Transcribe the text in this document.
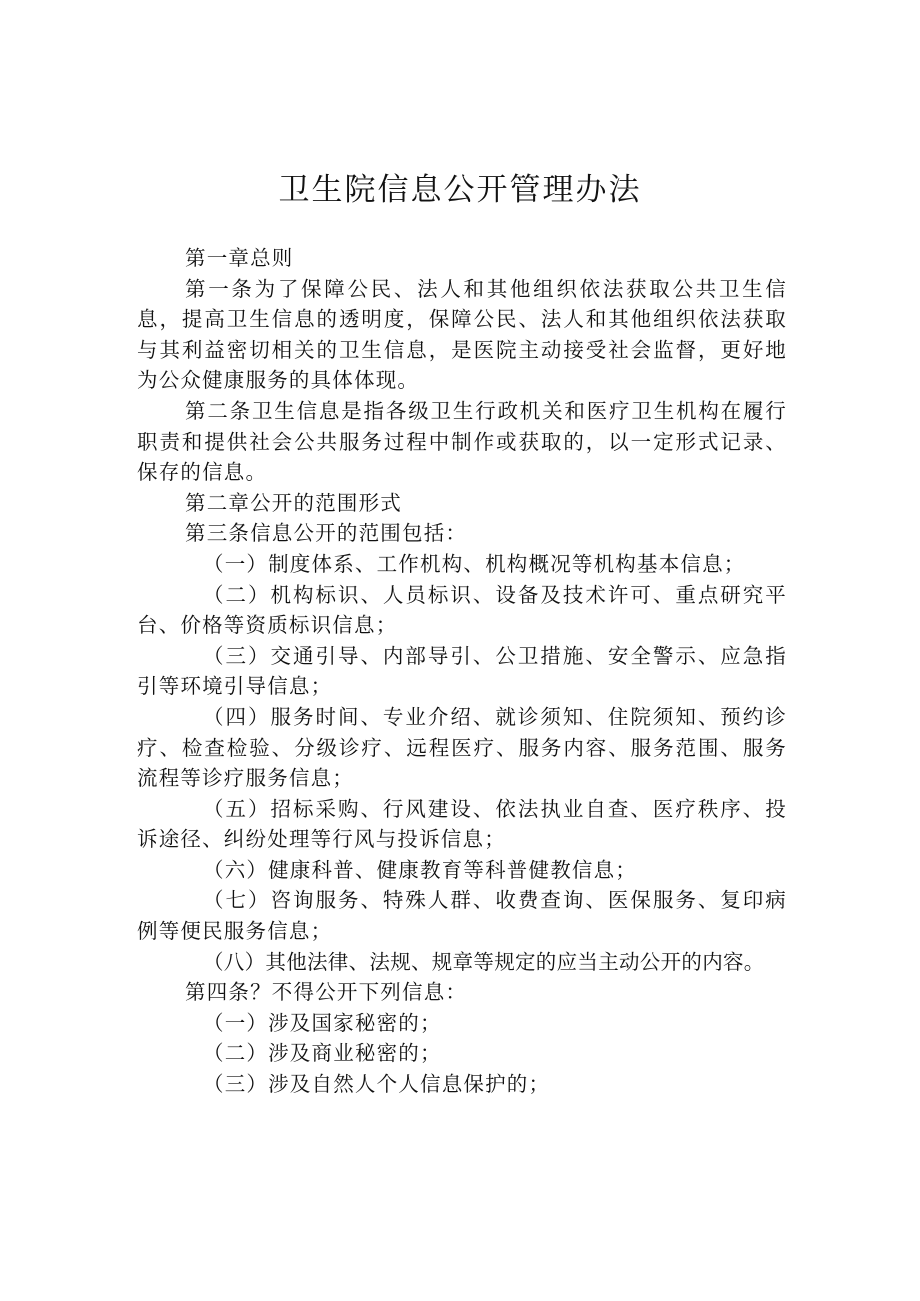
卫生院信息公开管理办法

第一章总则

第一条为了保障公民、法人和其他组织依法获取公共卫生信息，提高卫生信息的透明度，保障公民、法人和其他组织依法获取与其利益密切相关的卫生信息，是医院主动接受社会监督，更好地为公众健康服务的具体体现。

第二条卫生信息是指各级卫生行政机关和医疗卫生机构在履行职责和提供社会公共服务过程中制作或获取的，以一定形式记录、保存的信息。

第二章公开的范围形式

第三条信息公开的范围包括：

（一）制度体系、工作机构、机构概况等机构基本信息；

（二）机构标识、人员标识、设备及技术许可、重点研究平台、价格等资质标识信息；

（三）交通引导、内部导引、公卫措施、安全警示、应急指引等环境引导信息；

（四）服务时间、专业介绍、就诊须知、住院须知、预约诊疗、检查检验、分级诊疗、远程医疗、服务内容、服务范围、服务流程等诊疗服务信息；

（五）招标采购、行风建设、依法执业自查、医疗秩序、投诉途径、纠纷处理等行风与投诉信息；

（六）健康科普、健康教育等科普健教信息；

（七）咨询服务、特殊人群、收费查询、医保服务、复印病例等便民服务信息；

（八）其他法律、法规、规章等规定的应当主动公开的内容。

第四条？不得公开下列信息：

（一）涉及国家秘密的；

（二）涉及商业秘密的；

（三）涉及自然人个人信息保护的；
